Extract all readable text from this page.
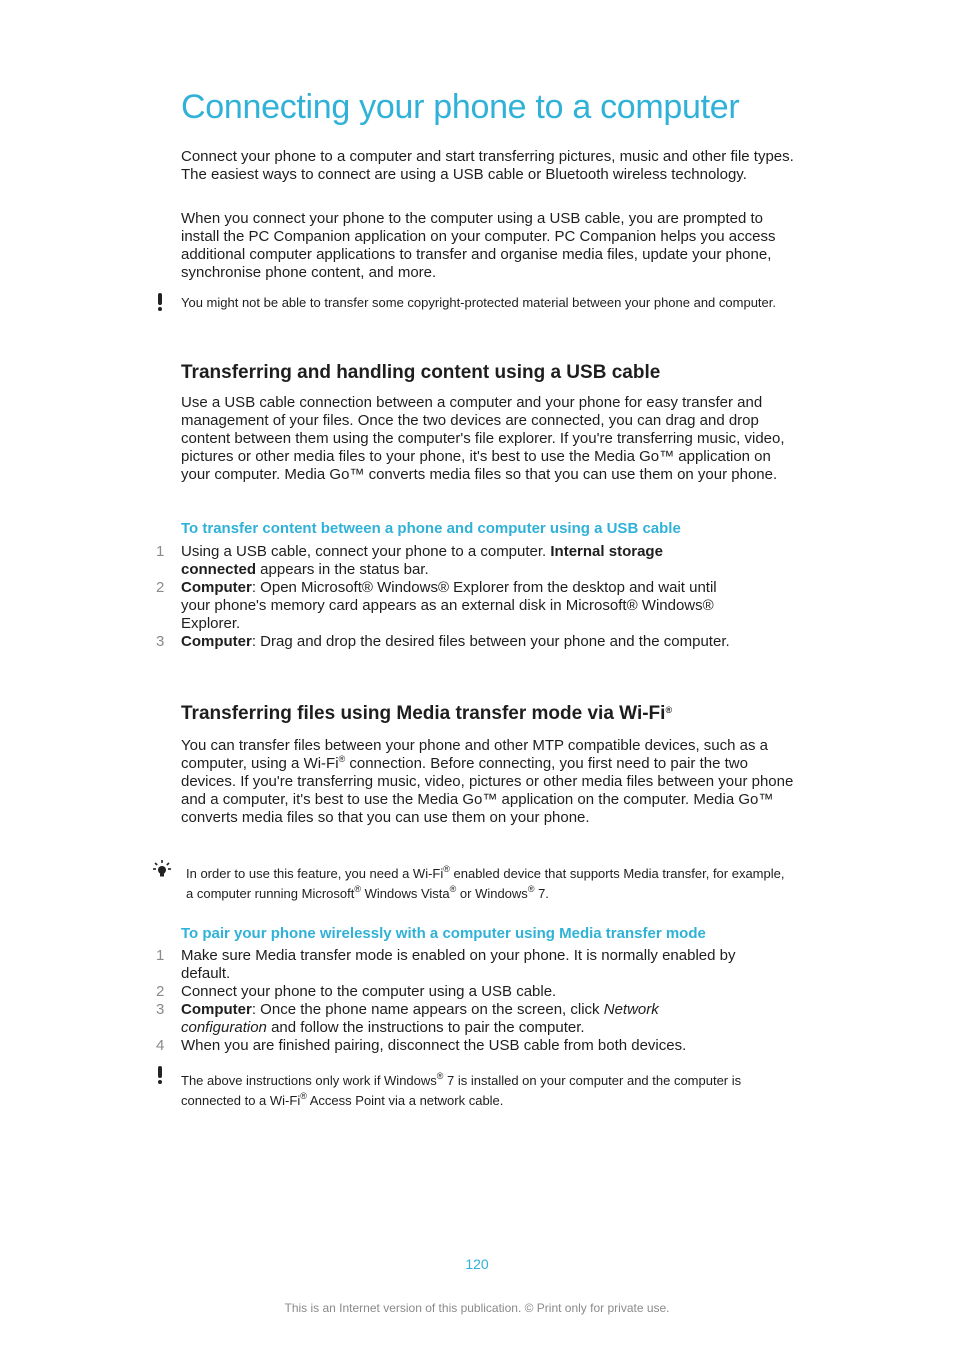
Connecting your phone to a computer

Connect your phone to a computer and start transferring pictures, music and other file types. The easiest ways to connect are using a USB cable or Bluetooth wireless technology.

When you connect your phone to the computer using a USB cable, you are prompted to install the PC Companion application on your computer. PC Companion helps you access additional computer applications to transfer and organise media files, update your phone, synchronise phone content, and more.

You might not be able to transfer some copyright-protected material between your phone and computer.

Transferring and handling content using a USB cable

Use a USB cable connection between a computer and your phone for easy transfer and management of your files. Once the two devices are connected, you can drag and drop content between them using the computer's file explorer. If you're transferring music, video, pictures or other media files to your phone, it's best to use the Media Go™ application on your computer. Media Go™ converts media files so that you can use them on your phone.

To transfer content between a phone and computer using a USB cable

1 Using a USB cable, connect your phone to a computer. Internal storage connected appears in the status bar.

2 Computer: Open Microsoft® Windows® Explorer from the desktop and wait until your phone's memory card appears as an external disk in Microsoft® Windows® Explorer.

3 Computer: Drag and drop the desired files between your phone and the computer.

Transferring files using Media transfer mode via Wi-Fi®

You can transfer files between your phone and other MTP compatible devices, such as a computer, using a Wi-Fi® connection. Before connecting, you first need to pair the two devices. If you're transferring music, video, pictures or other media files between your phone and a computer, it's best to use the Media Go™ application on the computer. Media Go™ converts media files so that you can use them on your phone.

In order to use this feature, you need a Wi-Fi® enabled device that supports Media transfer, for example, a computer running Microsoft® Windows Vista® or Windows® 7.

To pair your phone wirelessly with a computer using Media transfer mode

1 Make sure Media transfer mode is enabled on your phone. It is normally enabled by default.

2 Connect your phone to the computer using a USB cable.

3 Computer: Once the phone name appears on the screen, click Network configuration and follow the instructions to pair the computer.

4 When you are finished pairing, disconnect the USB cable from both devices.

The above instructions only work if Windows® 7 is installed on your computer and the computer is connected to a Wi-Fi® Access Point via a network cable.

120
This is an Internet version of this publication. © Print only for private use.
